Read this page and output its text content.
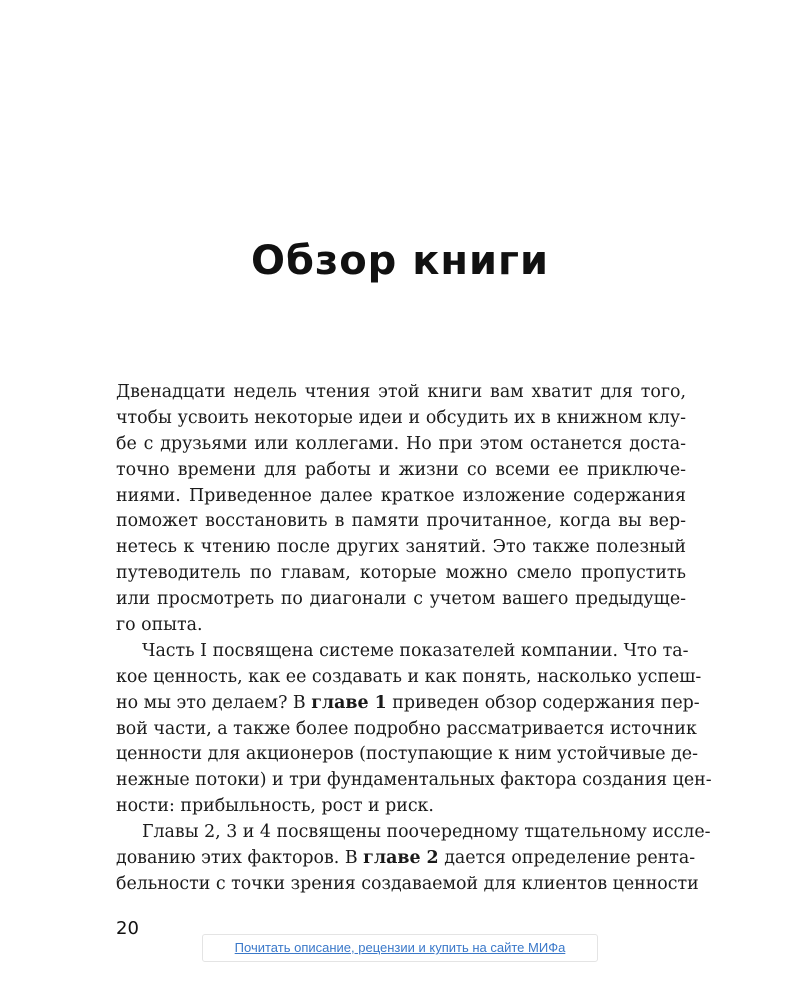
Обзор книги
Двенадцати недель чтения этой книги вам хватит для того,
чтобы усвоить некоторые идеи и обсудить их в книжном клу-
бе с друзьями или коллегами. Но при этом останется доста-
точно времени для работы и жизни со всеми ее приключе-
ниями. Приведенное далее краткое изложение содержания
поможет восстановить в памяти прочитанное, когда вы вер-
нетесь к чтению после других занятий. Это также полезный
путеводитель по главам, которые можно смело пропустить
или просмотреть по диагонали с учетом вашего предыдуще-
го опыта.
Часть I посвящена системе показателей компании. Что та-
кое ценность, как ее создавать и как понять, насколько успеш-
но мы это делаем? В главе 1 приведен обзор содержания пер-
вой части, а также более подробно рассматривается источник
ценности для акционеров (поступающие к ним устойчивые де-
нежные потоки) и три фундаментальных фактора создания цен-
ности: прибыльность, рост и риск.
Главы 2, 3 и 4 посвящены поочередному тщательному иссле-
дованию этих факторов. В главе 2 дается определение рента-
бельности с точки зрения создаваемой для клиентов ценности
20
Почитать описание, рецензии и купить на сайте МИФа
